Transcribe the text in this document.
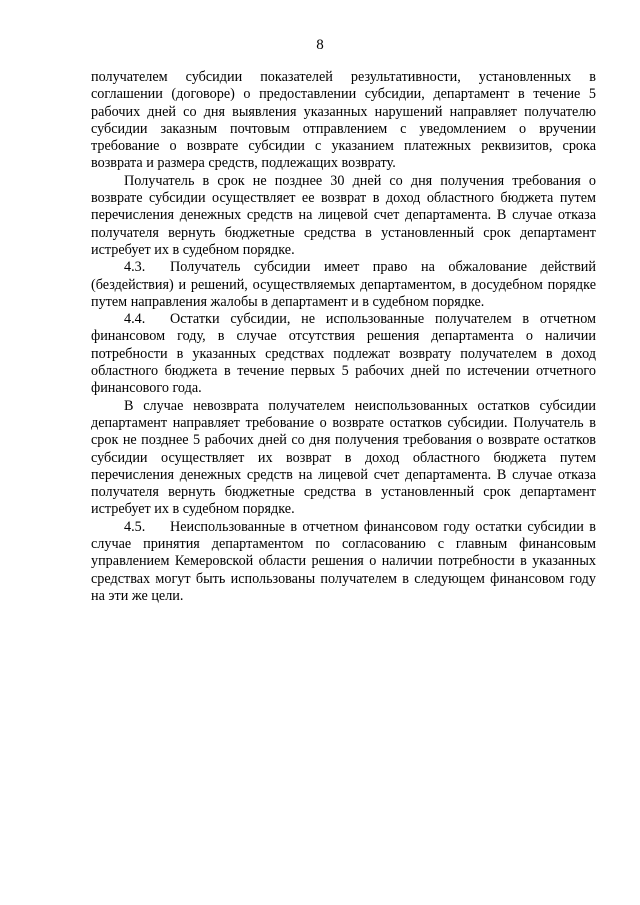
8

получателем субсидии показателей результативности, установленных в соглашении (договоре) о предоставлении субсидии, департамент в течение 5 рабочих дней со дня выявления указанных нарушений направляет получателю субсидии заказным почтовым отправлением с уведомлением о вручении требование о возврате субсидии с указанием платежных реквизитов, срока возврата и размера средств, подлежащих возврату.

Получатель в срок не позднее 30 дней со дня получения требования о возврате субсидии осуществляет ее возврат в доход областного бюджета путем перечисления денежных средств на лицевой счет департамента. В случае отказа получателя вернуть бюджетные средства в установленный срок департамент истребует их в судебном порядке.

4.3. Получатель субсидии имеет право на обжалование действий (бездействия) и решений, осуществляемых департаментом, в досудебном порядке путем направления жалобы в департамент и в судебном порядке.

4.4. Остатки субсидии, не использованные получателем в отчетном финансовом году, в случае отсутствия решения департамента о наличии потребности в указанных средствах подлежат возврату получателем в доход областного бюджета в течение первых 5 рабочих дней по истечении отчетного финансового года.

В случае невозврата получателем неиспользованных остатков субсидии департамент направляет требование о возврате остатков субсидии. Получатель в срок не позднее 5 рабочих дней со дня получения требования о возврате остатков субсидии осуществляет их возврат в доход областного бюджета путем перечисления денежных средств на лицевой счет департамента. В случае отказа получателя вернуть бюджетные средства в установленный срок департамент истребует их в судебном порядке.

4.5. Неиспользованные в отчетном финансовом году остатки субсидии в случае принятия департаментом по согласованию с главным финансовым управлением Кемеровской области решения о наличии потребности в указанных средствах могут быть использованы получателем в следующем финансовом году на эти же цели.
